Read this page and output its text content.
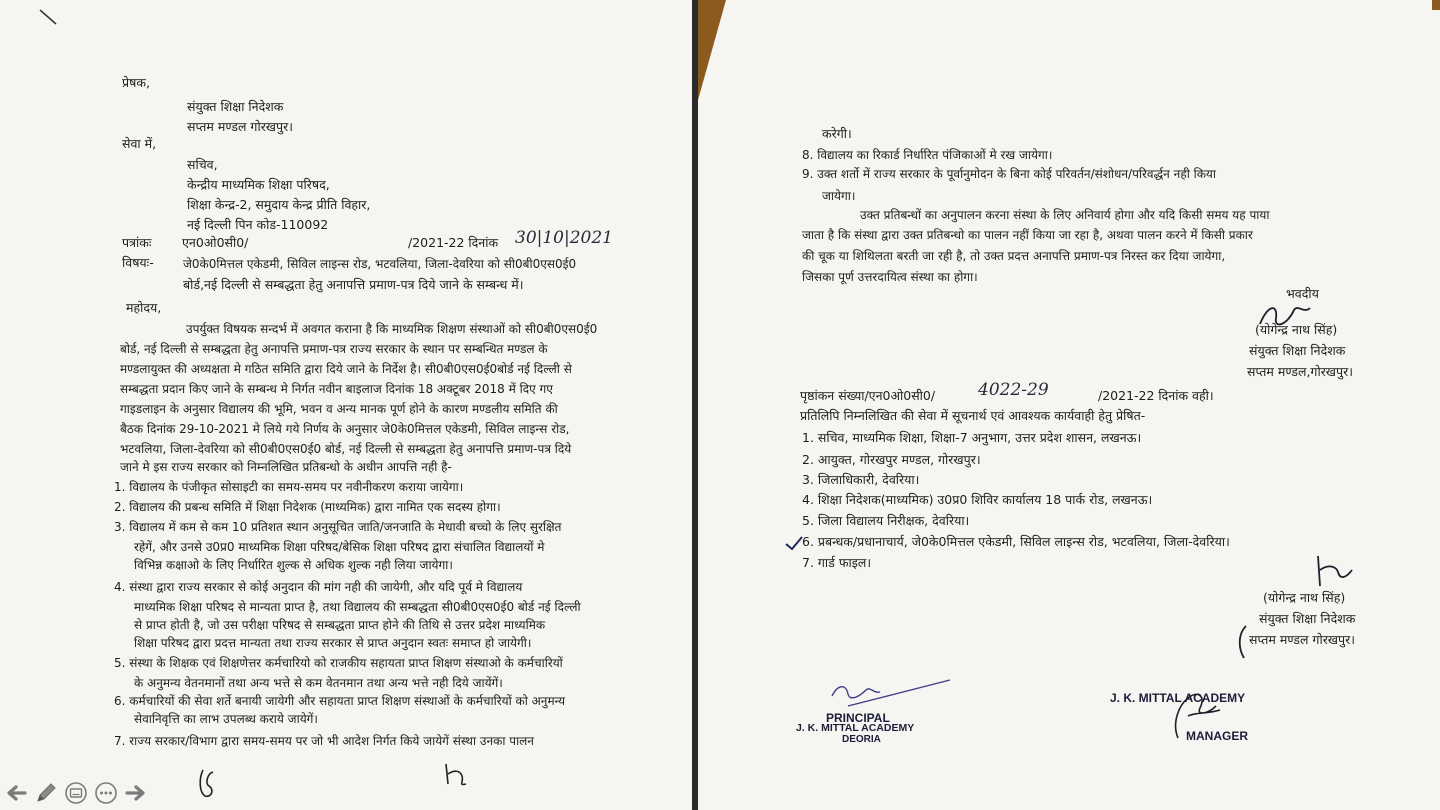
प्रेषक,
संयुक्त शिक्षा निदेशक
सप्तम मण्डल गोरखपुर।
सेवा में,
सचिव,
केन्द्रीय माध्यमिक शिक्षा परिषद,
शिक्षा केन्द्र-2, समुदाय केन्द्र प्रीति विहार,
नई दिल्ली पिन कोड-110092
पत्रांकः एन0ओ0सी0/	/2021-22 दिनांक 30|10|2021
विषयः- जे0के0मित्तल एकेडमी, सिविल लाइन्स रोड, भटवलिया, जिला-देवरिया को सी0बी0एस0ई0
बोर्ड,नई दिल्ली से सम्बद्धता हेतु अनापत्ति प्रमाण-पत्र दिये जाने के सम्बन्ध में।
महोदय,
उपर्युक्त विषयक सन्दर्भ में अवगत कराना है कि माध्यमिक शिक्षण संस्थाओं को सी0बी0एस0ई0
बोर्ड, नई दिल्ली से सम्बद्धता हेतु अनापत्ति प्रमाण-पत्र राज्य सरकार के स्थान पर सम्बन्धित मण्डल के
मण्डलायुक्त की अध्यक्षता मे गठित समिति द्वारा दिये जाने के निर्देश है। सी0बी0एस0ई0बोर्ड नई दिल्ली से
सम्बद्धता प्रदान किए जाने के सम्बन्ध मे निर्गत नवीन बाइलाज दिनांक 18 अक्टूबर 2018 में दिए गए
गाइडलाइन के अनुसार विद्यालय की भूमि, भवन व अन्य मानक पूर्ण होने के कारण मण्डलीय समिति की
बैठक दिनांक 29-10-2021 मे लिये गये निर्णय के अनुसार जे0के0मित्तल एकेडमी, सिविल लाइन्स रोड,
भटवलिया, जिला-देवरिया को सी0बी0एस0ई0 बोर्ड, नई दिल्ली से सम्बद्धता हेतु अनापत्ति प्रमाण-पत्र दिये
जाने मे इस राज्य सरकार को निम्नलिखित प्रतिबन्धो के अधीन आपत्ति नही है-
1. विद्यालय के पंजीकृत सोसाइटी का समय-समय पर नवीनीकरण कराया जायेगा।
2. विद्यालय की प्रबन्ध समिति में शिक्षा निदेशक (माध्यमिक) द्वारा नामित एक सदस्य होगा।
3. विद्यालय में कम से कम 10 प्रतिशत स्थान अनुसूचित जाति/जनजाति के मेधावी बच्चो के लिए सुरक्षित
रहेगें, और उनसे उ0प्र0 माध्यमिक शिक्षा परिषद/बेसिक शिक्षा परिषद द्वारा संचालित विद्यालयों मे
विभिन्न कक्षाओ के लिए निर्धारित शुल्क से अधिक शुल्क नही लिया जायेगा।
4. संस्था द्वारा राज्य सरकार से कोई अनुदान की मांग नही की जायेगी, और यदि पूर्व मे विद्यालय
माध्यमिक शिक्षा परिषद से मान्यता प्राप्त है, तथा विद्यालय की सम्बद्धता सी0बी0एस0ई0 बोर्ड नई दिल्ली
से प्राप्त होती है, जो उस परीक्षा परिषद से सम्बद्धता प्राप्त होने की तिथि से उत्तर प्रदेश माध्यमिक
शिक्षा परिषद द्वारा प्रदत्त मान्यता तथा राज्य सरकार से प्राप्त अनुदान स्वतः समाप्त हो जायेगी।
5. संस्था के शिक्षक एवं शिक्षणेत्तर कर्मचारियो को राजकीय सहायता प्राप्त शिक्षण संस्थाओ के कर्मचारियों
के अनुमन्य वेतनमानों तथा अन्य भत्ते से कम वेतनमान तथा अन्य भत्ते नही दिये जायेंगें।
6. कर्मचारियों की सेवा शर्ते बनायी जायेगी और सहायता प्राप्त शिक्षण संस्थाओं के कर्मचारियों को अनुमन्य
सेवानिवृत्ति का लाभ उपलब्ध कराये जायेगें।
7. राज्य सरकार/विभाग द्वारा समय-समय पर जो भी आदेश निर्गत किये जायेगें संस्था उनका पालन
करेगी।
8. विद्यालय का रिकार्ड निर्धारित पंजिकाओं मे रख जायेगा।
9. उक्त शर्तो में राज्य सरकार के पूर्वानुमोदन के बिना कोई परिवर्तन/संशोधन/परिवर्द्धन नही किया
जायेगा।
उक्त प्रतिबन्धों का अनुपालन करना संस्था के लिए अनिवार्य होगा और यदि किसी समय यह पाया
जाता है कि संस्था द्वारा उक्त प्रतिबन्धो का पालन नहीं किया जा रहा है, अथवा पालन करने में किसी प्रकार
की चूक या शिथिलता बरती जा रही है, तो उक्त प्रदत्त अनापत्ति प्रमाण-पत्र निरस्त कर दिया जायेगा,
जिसका पूर्ण उत्तरदायित्व संस्था का होगा।
भवदीय
(योगेन्द्र नाथ सिंह)
संयुक्त शिक्षा निदेशक
सप्तम मण्डल,गोरखपुर।
पृष्ठांकन संख्या/एन0ओ0सी0/	4022-29	/2021-22 दिनांक वही।
प्रतिलिपि निम्नलिखित की सेवा में सूचनार्थ एवं आवश्यक कार्यवाही हेतु प्रेषित-
1. सचिव, माध्यमिक शिक्षा, शिक्षा-7 अनुभाग, उत्तर प्रदेश शासन, लखनऊ।
2. आयुक्त, गोरखपुर मण्डल, गोरखपुर।
3. जिलाधिकारी, देवरिया।
4. शिक्षा निदेशक(माध्यमिक) उ0प्र0 शिविर कार्यालय 18 पार्क रोड, लखनऊ।
5. जिला विद्यालय निरीक्षक, देवरिया।
6. प्रबन्धक/प्रधानाचार्य, जे0के0मित्तल एकेडमी, सिविल लाइन्स रोड, भटवलिया, जिला-देवरिया।
7. गार्ड फाइल।
(योगेन्द्र नाथ सिंह)
संयुक्त शिक्षा निदेशक
सप्तम मण्डल गोरखपुर।
PRINCIPAL
J. K. MITTAL ACADEMY
DEORIA
J. K. MITTAL ACADEMY
MANAGER
